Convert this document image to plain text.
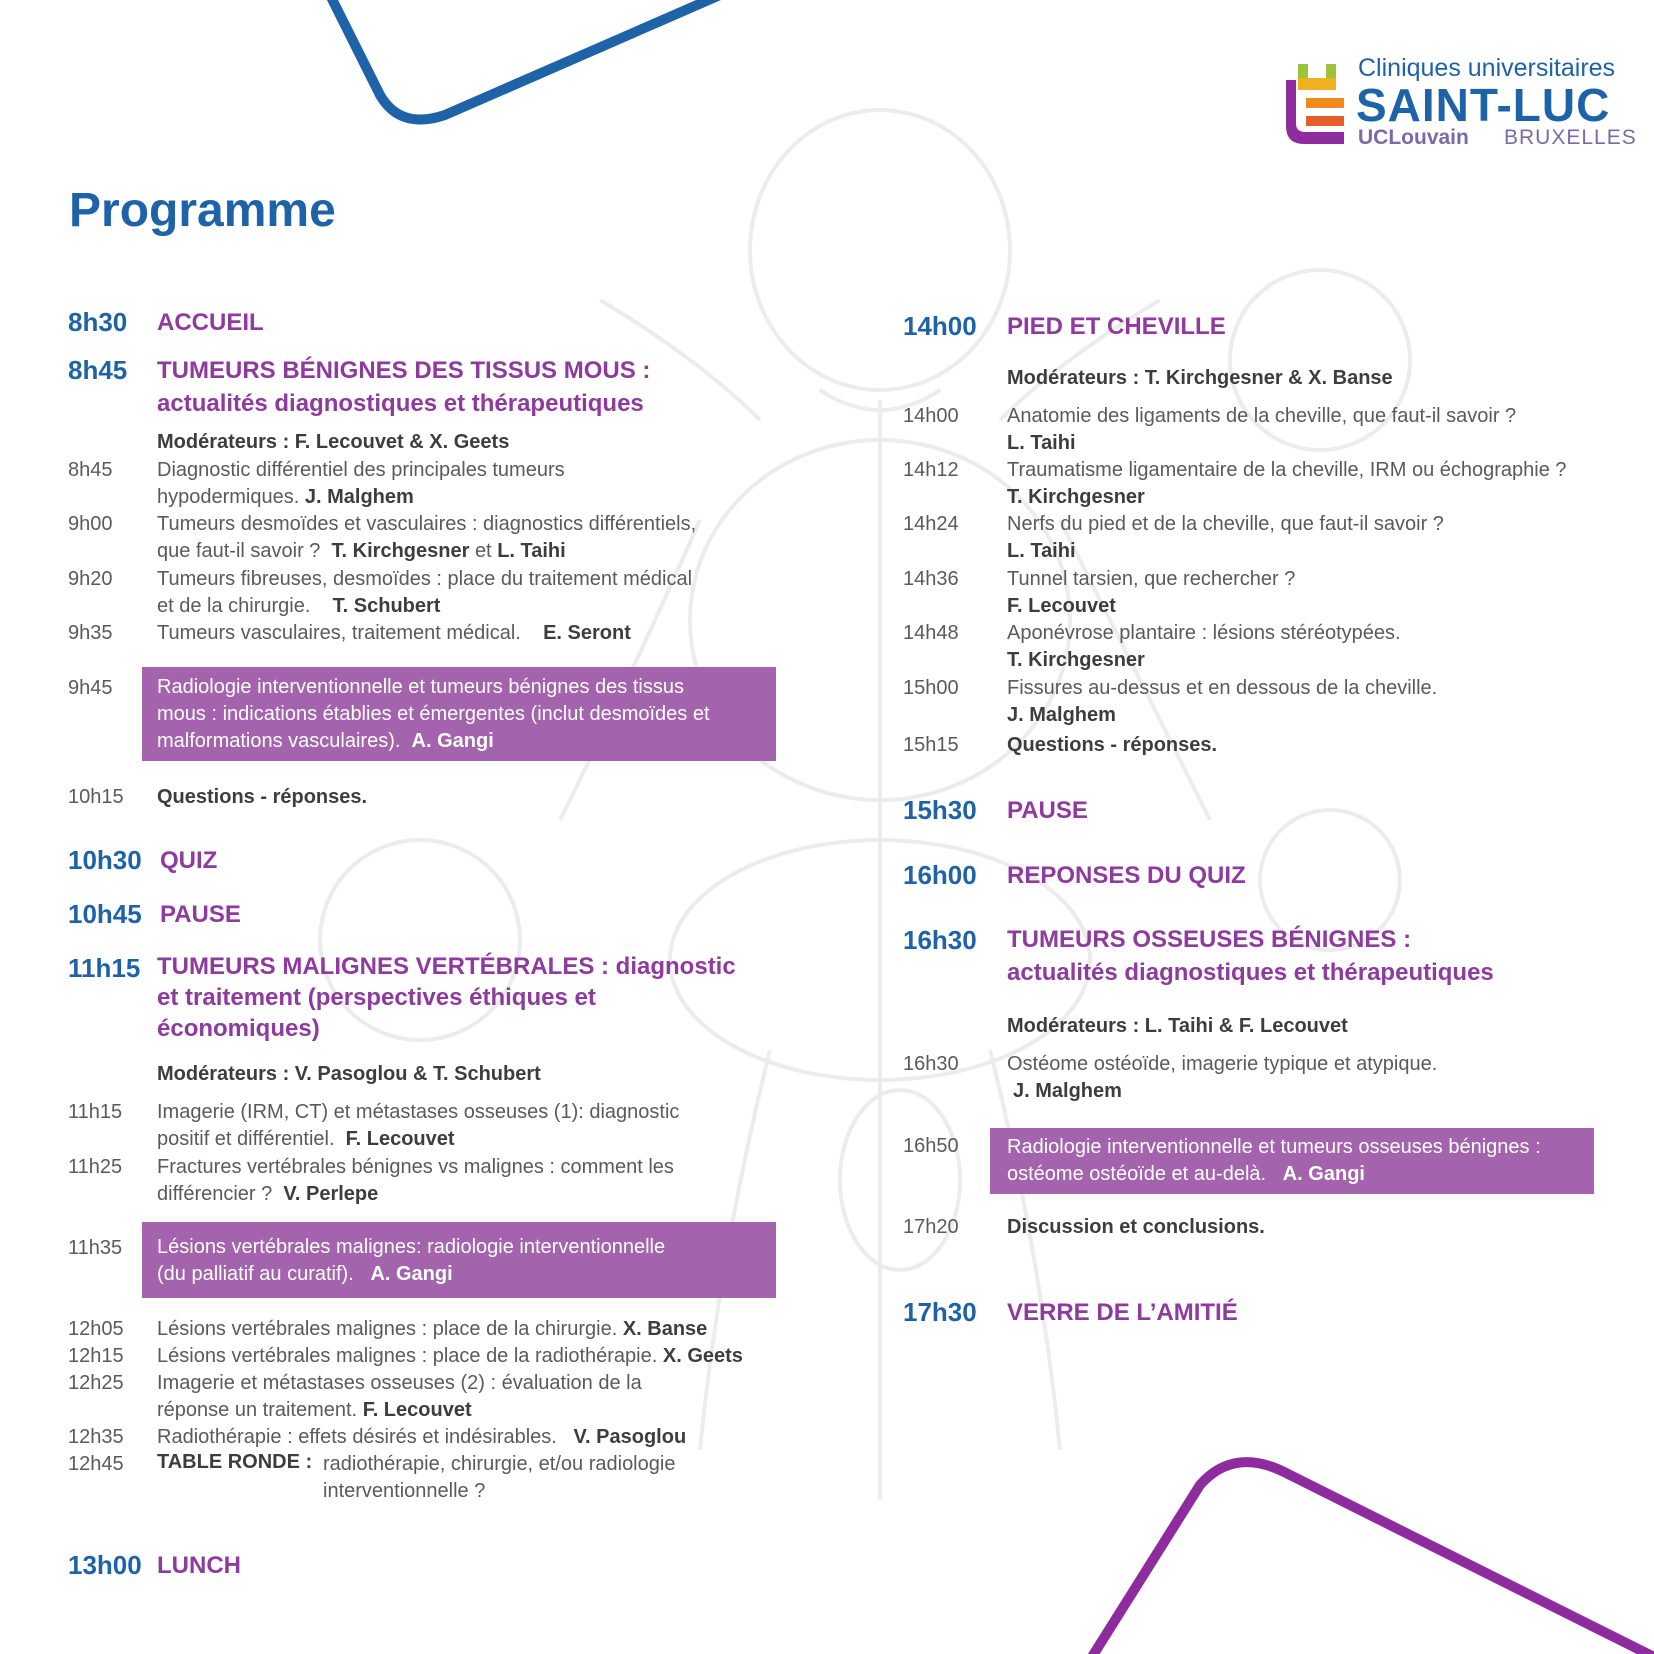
Cliniques universitaires
SAINT-LUC
UCLouvain BRUXELLES
Programme
8h30 ACCUEIL
8h45 TUMEURS BÉNIGNES DES TISSUS MOUS :
actualités diagnostiques et thérapeutiques
Modérateurs : F. Lecouvet & X. Geets
8h45 Diagnostic différentiel des principales tumeurs
hypodermiques. J. Malghem
9h00 Tumeurs desmoïdes et vasculaires : diagnostics différentiels,
que faut-il savoir ? T. Kirchgesner et L. Taihi
9h20 Tumeurs fibreuses, desmoïdes : place du traitement médical
et de la chirurgie. T. Schubert
9h35 Tumeurs vasculaires, traitement médical. E. Seront
9h45 Radiologie interventionnelle et tumeurs bénignes des tissus
mous : indications établies et émergentes (inclut desmoïdes et
malformations vasculaires). A. Gangi
10h15 Questions - réponses.
10h30 QUIZ
10h45 PAUSE
11h15 TUMEURS MALIGNES VERTÉBRALES : diagnostic
et traitement (perspectives éthiques et
économiques)
Modérateurs : V. Pasoglou & T. Schubert
11h15 Imagerie (IRM, CT) et métastases osseuses (1): diagnostic
positif et différentiel. F. Lecouvet
11h25 Fractures vertébrales bénignes vs malignes : comment les
différencier ? V. Perlepe
11h35 Lésions vertébrales malignes: radiologie interventionnelle
(du palliatif au curatif). A. Gangi
12h05 Lésions vertébrales malignes : place de la chirurgie. X. Banse
12h15 Lésions vertébrales malignes : place de la radiothérapie. X. Geets
12h25 Imagerie et métastases osseuses (2) : évaluation de la
réponse un traitement. F. Lecouvet
12h35 Radiothérapie : effets désirés et indésirables. V. Pasoglou
12h45 TABLE RONDE : radiothérapie, chirurgie, et/ou radiologie
interventionnelle ?
13h00 LUNCH
14h00 PIED ET CHEVILLE
Modérateurs : T. Kirchgesner & X. Banse
14h00 Anatomie des ligaments de la cheville, que faut-il savoir ?
L. Taihi
14h12 Traumatisme ligamentaire de la cheville, IRM ou échographie ?
T. Kirchgesner
14h24 Nerfs du pied et de la cheville, que faut-il savoir ?
L. Taihi
14h36 Tunnel tarsien, que rechercher ?
F. Lecouvet
14h48 Aponévrose plantaire : lésions stéréotypées.
T. Kirchgesner
15h00 Fissures au-dessus et en dessous de la cheville.
J. Malghem
15h15 Questions - réponses.
15h30 PAUSE
16h00 REPONSES DU QUIZ
16h30 TUMEURS OSSEUSES BÉNIGNES :
actualités diagnostiques et thérapeutiques
Modérateurs : L. Taihi & F. Lecouvet
16h30 Ostéome ostéoïde, imagerie typique et atypique.
J. Malghem
16h50 Radiologie interventionnelle et tumeurs osseuses bénignes :
ostéome ostéoïde et au-delà. A. Gangi
17h20 Discussion et conclusions.
17h30 VERRE DE L’AMITIÉ
